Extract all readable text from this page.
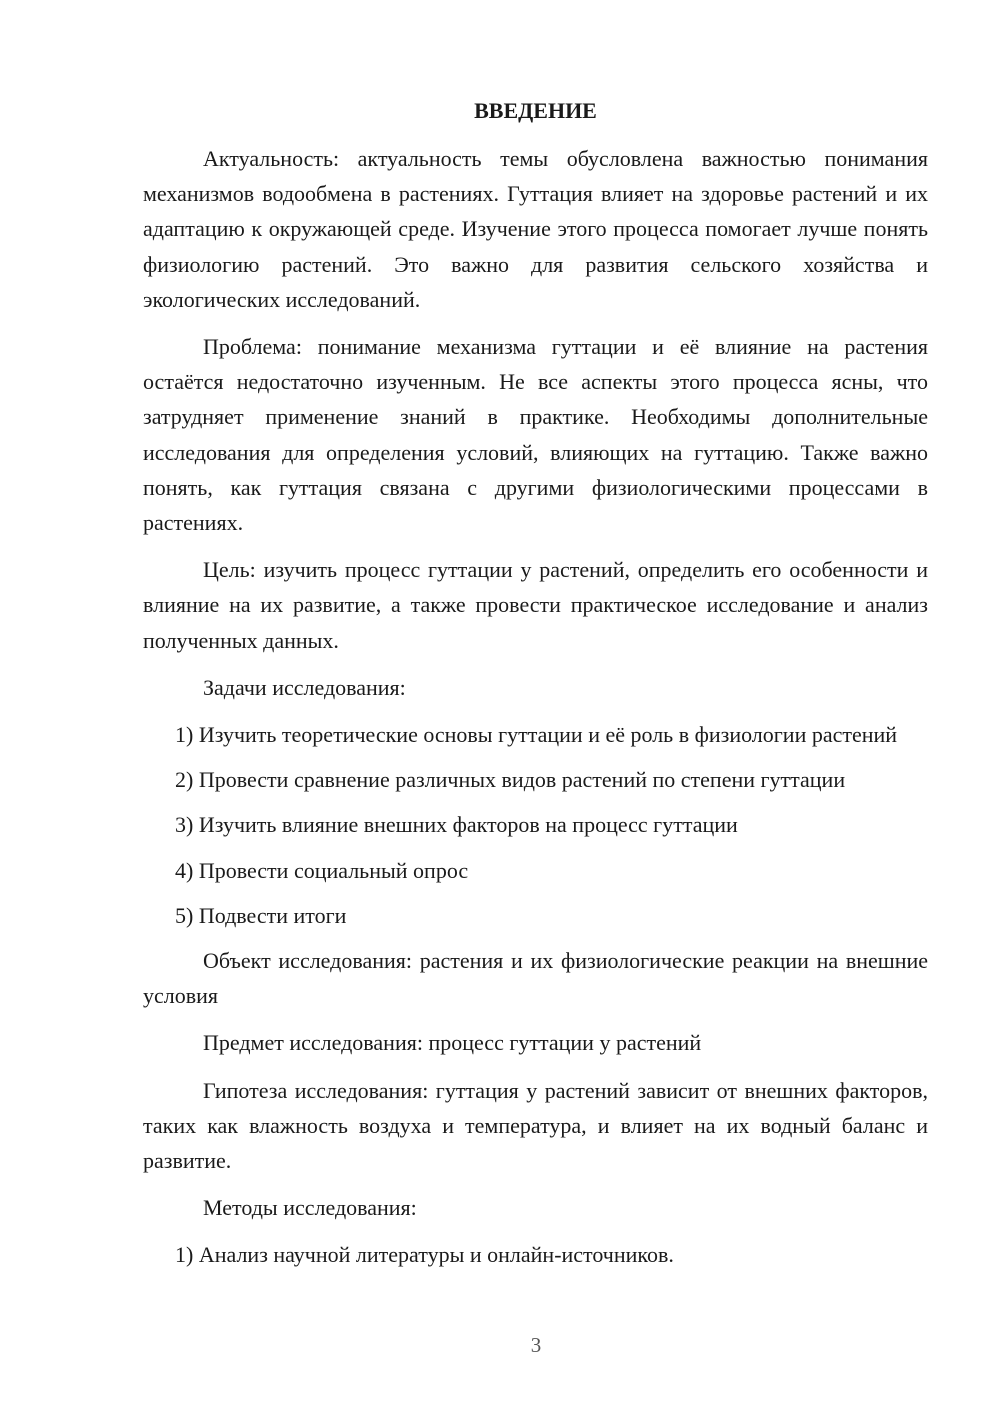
ВВЕДЕНИЕ

Актуальность: актуальность темы обусловлена важностью понимания механизмов водообмена в растениях. Гуттация влияет на здоровье растений и их адаптацию к окружающей среде. Изучение этого процесса помогает лучше понять физиологию растений. Это важно для развития сельского хозяйства и экологических исследований.

Проблема: понимание механизма гуттации и её влияние на растения остаётся недостаточно изученным. Не все аспекты этого процесса ясны, что затрудняет применение знаний в практике. Необходимы дополнительные исследования для определения условий, влияющих на гуттацию. Также важно понять, как гуттация связана с другими физиологическими процессами в растениях.

Цель: изучить процесс гуттации у растений, определить его особенности и влияние на их развитие, а также провести практическое исследование и анализ полученных данных.

Задачи исследования:

1) Изучить теоретические основы гуттации и её роль в физиологии растений

2) Провести сравнение различных видов растений по степени гуттации

3) Изучить влияние внешних факторов на процесс гуттации

4) Провести социальный опрос

5) Подвести итоги

Объект исследования: растения и их физиологические реакции на внешние условия

Предмет исследования: процесс гуттации у растений

Гипотеза исследования: гуттация у растений зависит от внешних факторов, таких как влажность воздуха и температура, и влияет на их водный баланс и развитие.

Методы исследования:

1) Анализ научной литературы и онлайн-источников.

3
